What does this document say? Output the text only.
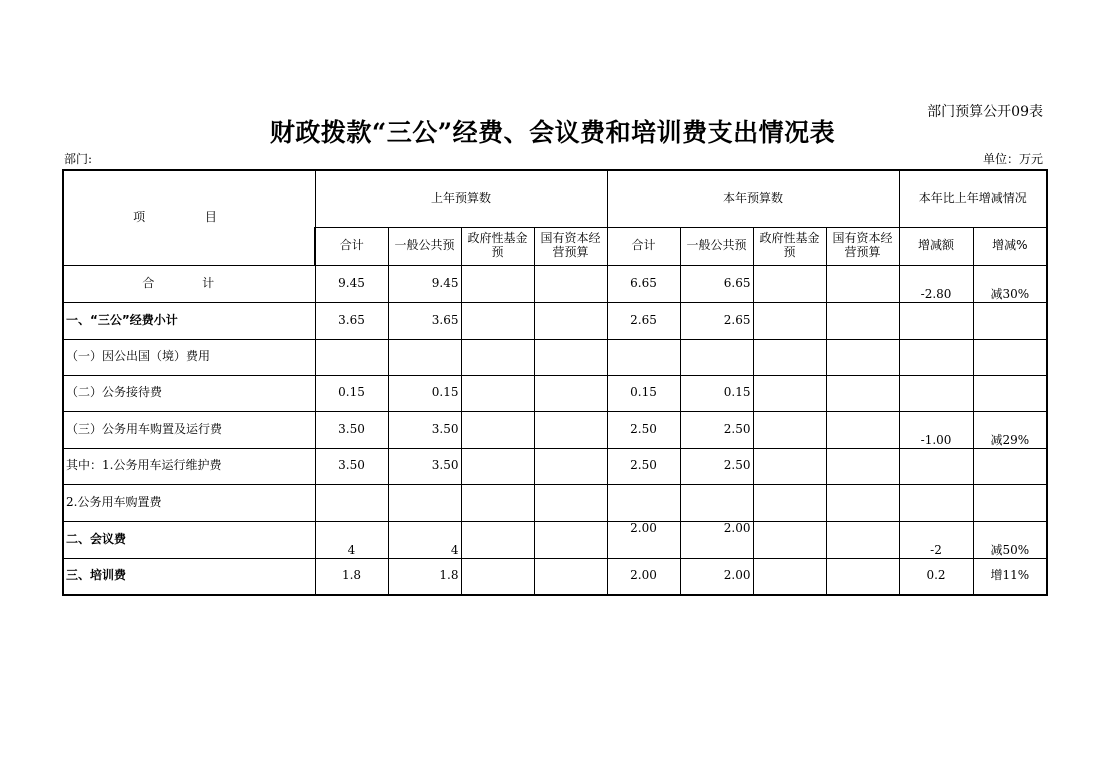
部门预算公开09表
财政拨款“三公”经费、会议费和培训费支出情况表
部门:	单位：万元
项 目	上年预算数				本年预算数				本年比上年增减情况	
	合计	一般公共预	政府性基金预	国有资本经营预算	合计	一般公共预	政府性基金预	国有资本经营预算	增减额	增减%
合 计	9.45	9.45			6.65	6.65			-2.80	减30%
一、“三公”经费小计	3.65	3.65			2.65	2.65				
（一）因公出国（境）费用										
（二）公务接待费	0.15	0.15			0.15	0.15				
（三）公务用车购置及运行费	3.50	3.50			2.50	2.50			-1.00	减29%
其中：1.公务用车运行维护费	3.50	3.50			2.50	2.50				
2.公务用车购置费										
二、会议费	4	4			2.00	2.00			-2	减50%
三、培训费	1.8	1.8			2.00	2.00			0.2	增11%
